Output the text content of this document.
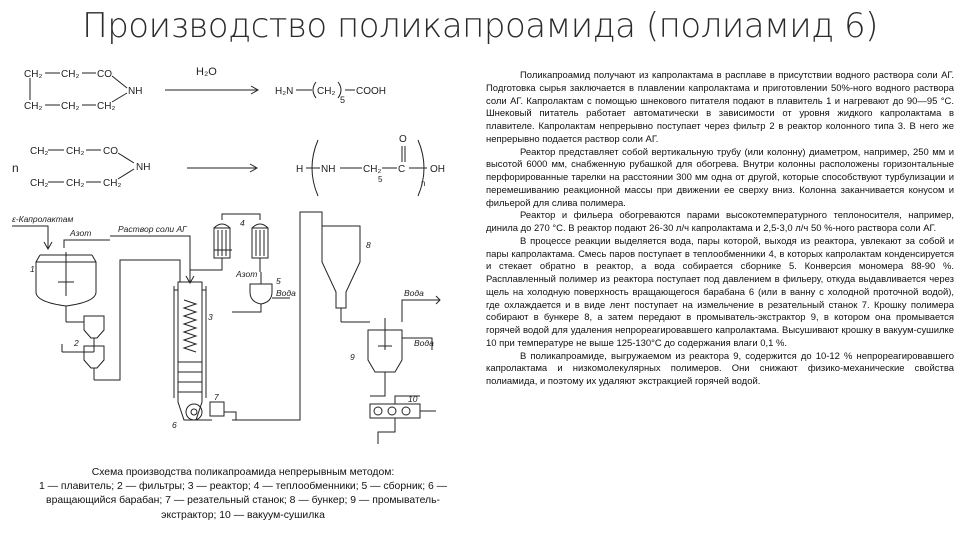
Производство поликапроамида (полиамид 6)
CH₂ CH₂ CO
NH
CH₂ CH₂ CH₂
H₂O
H₂N CH₂
5
COOH
n
CH₂ CH₂ CO
NH
CH₂ CH₂ CH₂
H NH	CH₂
5
C
O
OH
n
ε-Капролактам
Азот	Раствор соли АГ
Азот
Вода	Вода
Вода
1
2
3
4
5
6
7
8
9
10
Схема производства поликапроамида непрерывным методом:
1 — плавитель; 2 — фильтры; 3 — реактор; 4 — теплообменники; 5 — сборник; 6 —
вращающийся барабан; 7 — резательный станок; 8 — бункер; 9 — промыватель-
экстрактор; 10 — вакуум-сушилка

Поликапроамид получают из капролактама в расплаве в присутствии водного раствора соли АГ. Подготовка сырья заключается в плавлении капролактама и приготовлении 50%-ного водного раствора соли АГ. Капролактам с помощью шнекового питателя подают в плавитель 1 и нагревают до 90—95 °С. Шнековый питатель работает автоматически в зависимости от уровня жидкого капролактама в плавителе. Капролактам непрерывно поступает через фильтр 2 в реактор колонного типа 3. В него же непрерывно подается раствор соли АГ.

Реактор представляет собой вертикальную трубу (или колонну) диаметром, например, 250 мм и высотой 6000 мм, снабженную рубашкой для обогрева. Внутри колонны расположены горизонтальные перфорированные тарелки на расстоянии 300 мм одна от другой, которые способствуют турбулизации и перемешиванию реакционной массы при движении ее сверху вниз. Колонна заканчивается конусом и фильерой для слива полимера.

Реактор и фильера обогреваются парами высокотемпературного теплоносителя, например, динила до 270 °С. В реактор подают 26-30 л/ч капролактама и 2,5-3,0 л/ч 50 %-ного раствора соли АГ.

В процессе реакции выделяется вода, пары которой, выходя из реактора, увлекают за собой и пары капролактама. Смесь паров поступает в теплообменники 4, в которых капролактам конденсируется и стекает обратно в реактор, а вода собирается сборнике 5. Конверсия мономера 88-90 %. Расплавленный полимер из реактора поступает под давлением в фильеру, откуда выдавливается через щель на холодную поверхность вращающегося барабана 6 (или в ванну с холодной проточной водой), где охлаждается и в виде лент поступает на измельчение в резательный станок 7. Крошку полимера собирают в бункере 8, а затем передают в промыватель-экстрактор 9, в котором она промывается горячей водой для удаления непрореагировавшего капролактама. Высушивают крошку в вакуум-сушилке 10 при температуре не выше 125-130°С до содержания влаги 0,1 %.

В поликапроамиде, выгружаемом из реактора 9, содержится до 10-12 % непрореагировавшего капролактама и низкомолекулярных полимеров. Они снижают физико-механические свойства полиамида, и поэтому их удаляют экстракцией горячей водой.
